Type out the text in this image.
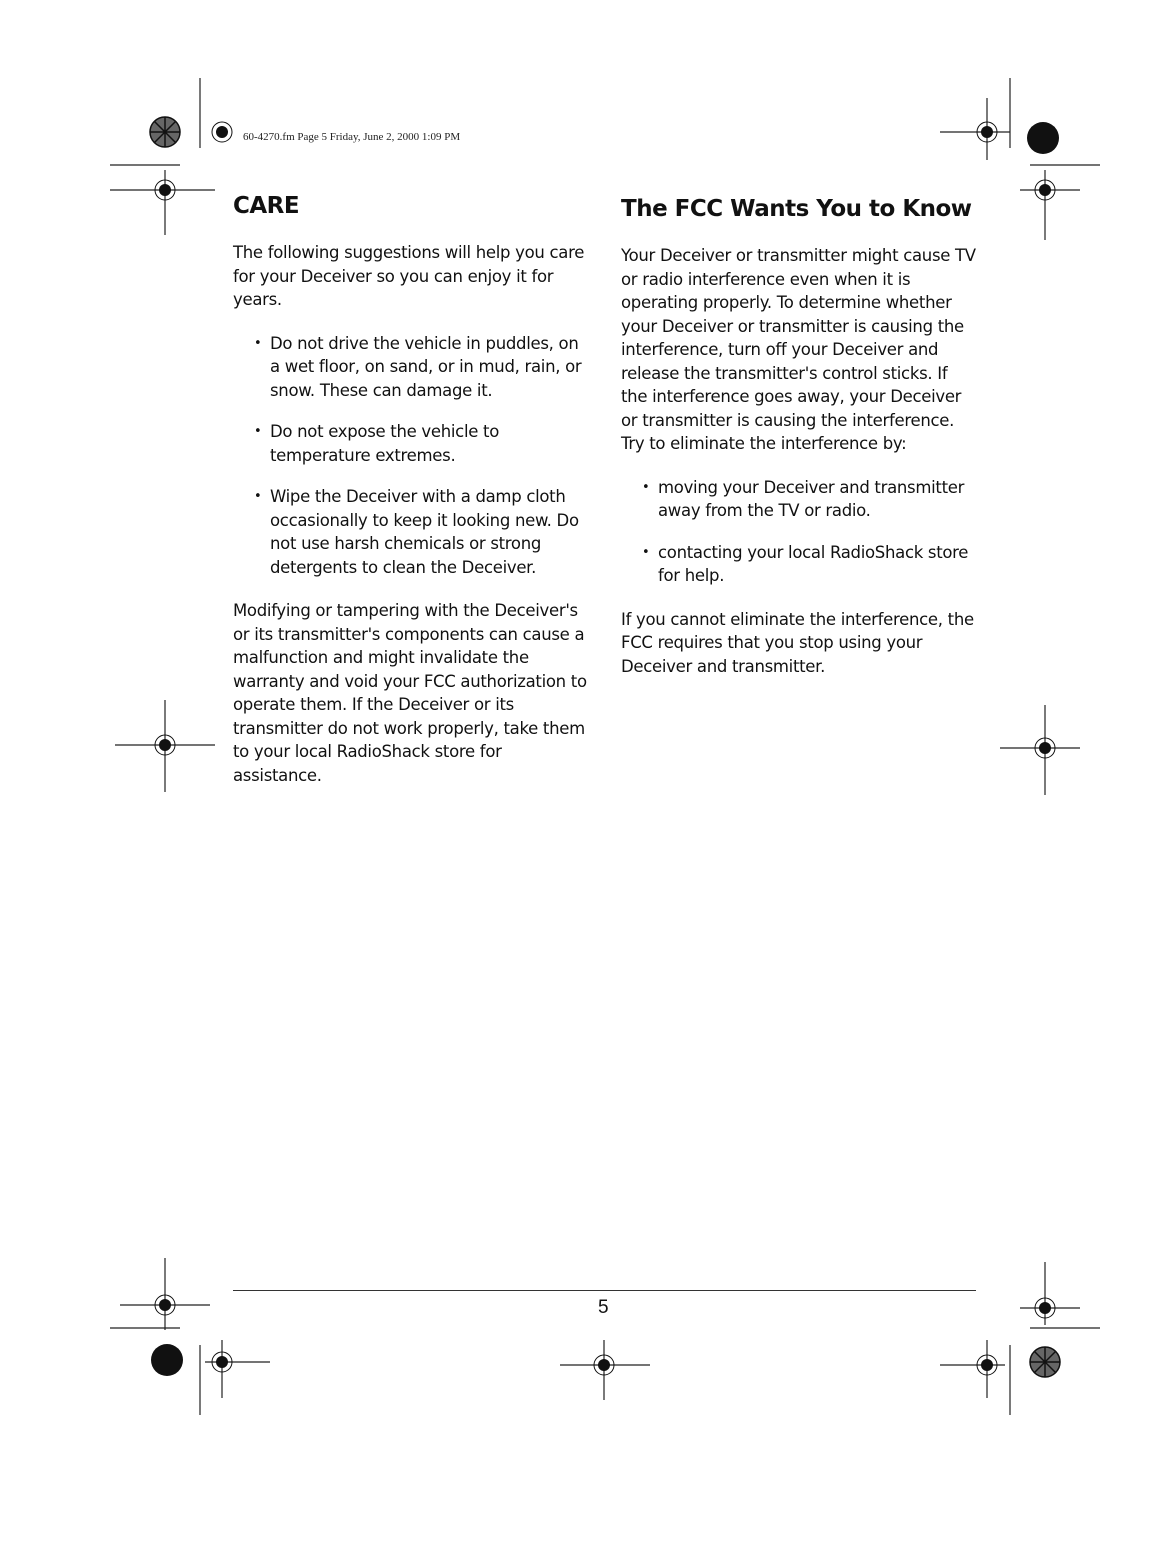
60-4270.fm Page 5 Friday, June 2, 2000 1:09 PM
CARE

The following suggestions will help you care for your Deceiver so you can enjoy it for years.

• Do not drive the vehicle in puddles, on a wet floor, on sand, or in mud, rain, or snow. These can damage it.
• Do not expose the vehicle to temperature extremes.
• Wipe the Deceiver with a damp cloth occasionally to keep it looking new. Do not use harsh chemicals or strong detergents to clean the Deceiver.

Modifying or tampering with the Deceiver's or its transmitter's components can cause a malfunction and might invalidate the warranty and void your FCC authorization to operate them. If the Deceiver or its transmitter do not work properly, take them to your local RadioShack store for assistance.

The FCC Wants You to Know

Your Deceiver or transmitter might cause TV or radio interference even when it is operating properly. To determine whether your Deceiver or transmitter is causing the interference, turn off your Deceiver and release the transmitter's control sticks. If the interference goes away, your Deceiver or transmitter is causing the interference. Try to eliminate the interference by:

• moving your Deceiver and transmitter away from the TV or radio.
• contacting your local RadioShack store for help.

If you cannot eliminate the interference, the FCC requires that you stop using your Deceiver and transmitter.

5
